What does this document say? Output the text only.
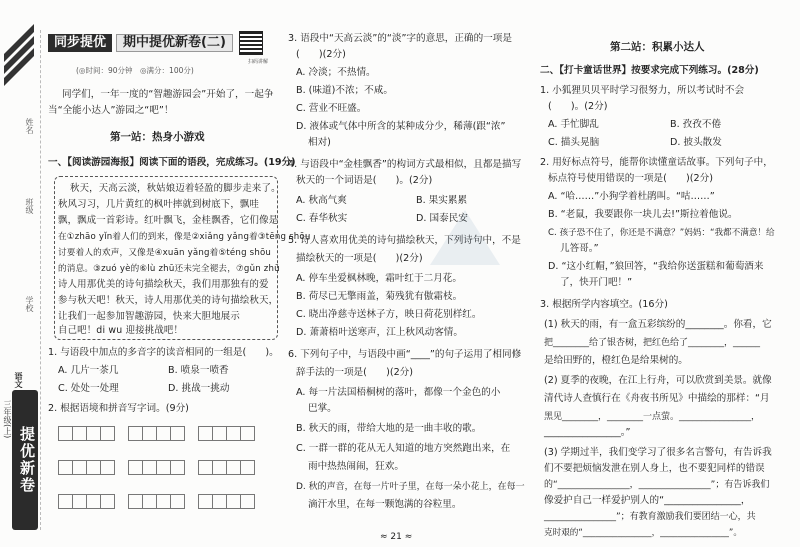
姓名
班级
学校
三年级(上)
语文
提优新卷
同步提优	期中提优新卷(二)
扫码讲解
(◎时间：90分钟　◎满分：100分)
同学们，一年一度的“智趣游园会”开始了，一起争
当“全能小达人”游园之“吧”！
第一站：热身小游戏
一、【阅读游园海报】阅读下面的语段，完成练习。(19分)
秋天，天高云淡，秋姑娘迈着轻盈的脚步走来了。
秋风习习，几片黄红的枫叶摔就到树底下，飘哇
飘，飘成一首彩诗。红叶飘飞，金桂飘香，它们像是
在①zhāo yǐn着人们的到来，像是②xiǎng yǎng着③tēng shōu
讨要着人的欢声，又像是④xuān yǎng着⑤téng shōu
的消息。③zuó yè的⑥lù zhū还未完全褪去，⑦gǔn zhū
诗人用那优美的诗句描绘秋天，我们用那独有的爱
参与秋天吧！秋天，诗人用那优美的诗句描绘秋天，
让我们一起参加智趣游园，快来大胆地展示
自己吧！di wu 迎接挑战吧！
1. 与语段中加点的多音字的读音相同的一组是(　　)。
A. 几片一茶几	B. 喷泉一喷香
C. 处处一处理	D. 挑战一挑动
2. 根据语境和拼音写字词。(9分)
3. 语段中“天高云淡”的“淡”字的意思，正确的一项是
(　　)(2分)
A. 冷淡；不热情。
B. (味道)不浓；不咸。
C. 营业不旺盛。
D. 液体或气体中所含的某种成分少，稀薄(跟“浓”
相对)
4. 与语段中“金桂飘香”的构词方式最相似，且都是描写
秋天的一个词语是(　　)。(2分)
A. 秋高气爽	B. 果实累累
C. 春华秋实	D. 国泰民安
5. 诗人喜欢用优美的诗句描绘秋天，下列诗句中，不是
描绘秋天的一项是(　　)(2分)
A. 停车坐爱枫林晚，霜叶红于二月花。
B. 荷尽已无擎雨盖，菊残犹有傲霜枝。
C. 晓出净慈寺送林子方，映日荷花别样红。
D. 萧萧梧叶送寒声，江上秋风动客情。
6. 下列句子中，与语段中画“____”的句子运用了相同修
辞手法的一项是(　　)(2分)
A. 每一片法国梧桐树的落叶，都像一个金色的小
巴掌。
B. 秋天的雨，带给大地的是一曲丰收的歌。
C. 一群一群的花从无人知道的地方突然跑出来，在
雨中热热闹闹，狂欢。
D. 秋的声音，在每一片叶子里，在每一朵小花上，在每一
滴汗水里，在每一颗饱满的谷粒里。
第二站：积累小达人
二、【打卡童话世界】按要求完成下列练习。(28分)
1. 小狐狸贝贝平时学习很努力，所以考试时不会
(　　)。(2分)
A. 手忙脚乱	B. 孜孜不倦
C. 描头晃脑	D. 披头散发
2. 用好标点符号，能帮你读懂童话故事。下列句子中，
标点符号使用错误的一项是(　　)(2分)
A. “哈……”小狗学着杜鹃叫。“咕……”
B. “老鼠，我要跟你一块儿去!”斯拉着他说。
C. 孩子恐不住了，你还是不满意？”妈妈：“我都不满意！给
儿答哥。”
D. “这小红帽，”狼回答，“我给你送蛋糕和葡萄酒来
了，快开门吧！”
3. 根据所学内容填空。(16分)
(1) 秋天的雨，有一盒五彩缤纷的________。你看，它
把________给了银杏树，把红色给了________，______
是给田野的，橙红色是给果树的。
(2) 夏季的夜晚，在江上行舟，可以欣赏到美景。就像
清代诗人查慎行在《舟夜书所见》中描绘的那样：“月
黑见________，________一点萤。________________，
________________。”
(3) 学期过半，我们变学习了很多名言警句，有告诉我
们不要把烦恼发泄在别人身上，也不要犯同样的错误
的“________________，________________”；有告诉我们
像爱护自己一样爱护别人的“________________，
________________”；有教育激励我们要团结一心，共
克时艰的“________________，________________”。
≈ 21 ≈
